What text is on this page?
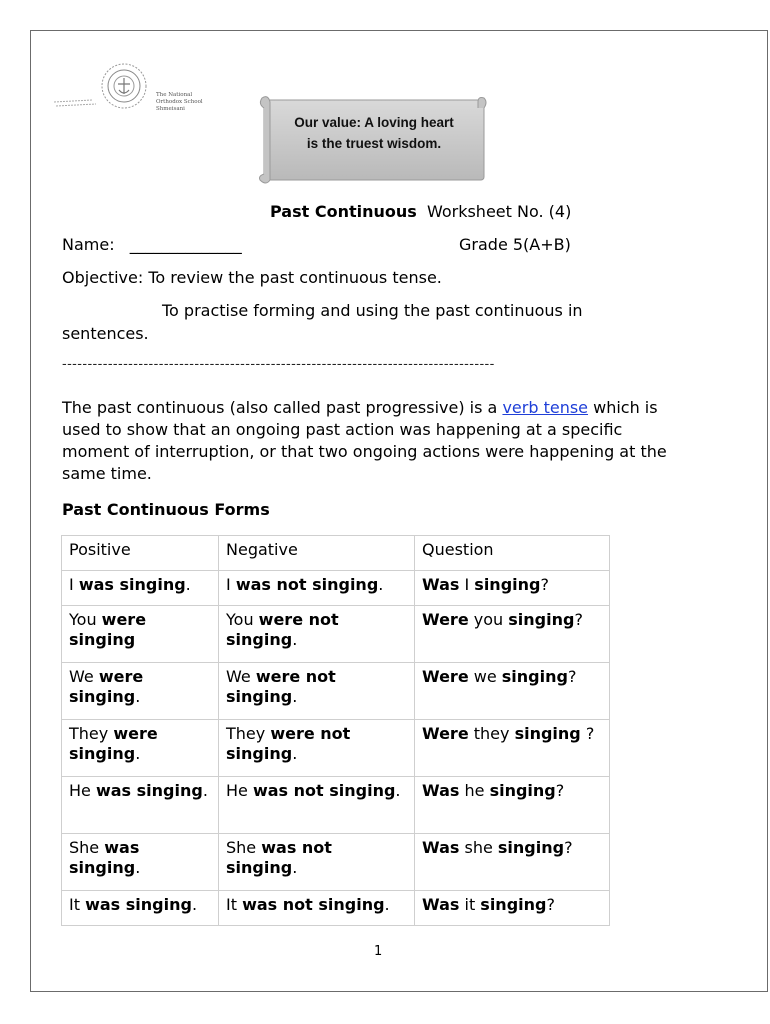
The National
Orthodox School
Shmeisani
Our value: A loving heart
is the truest wisdom.
Past Continuous Worksheet No. (4)
Name: ______________	Grade 5(A+B)
Objective: To review the past continuous tense.
To practise forming and using the past continuous in
sentences.
-------------------------------------------------------------------------------------
The past continuous (also called past progressive) is a verb tense which is used to show that an ongoing past action was happening at a specific moment of interruption, or that two ongoing actions were happening at the same time.
Past Continuous Forms
Positive	Negative	Question
I was singing.	I was not singing.	Was I singing?
You were singing	You were not singing.	Were you singing?
We were singing.	We were not singing.	Were we singing?
They were singing.	They were not singing.	Were they singing ?
He was singing.	He was not singing.	Was he singing?
She was singing.	She was not singing.	Was she singing?
It was singing.	It was not singing.	Was it singing?
1
